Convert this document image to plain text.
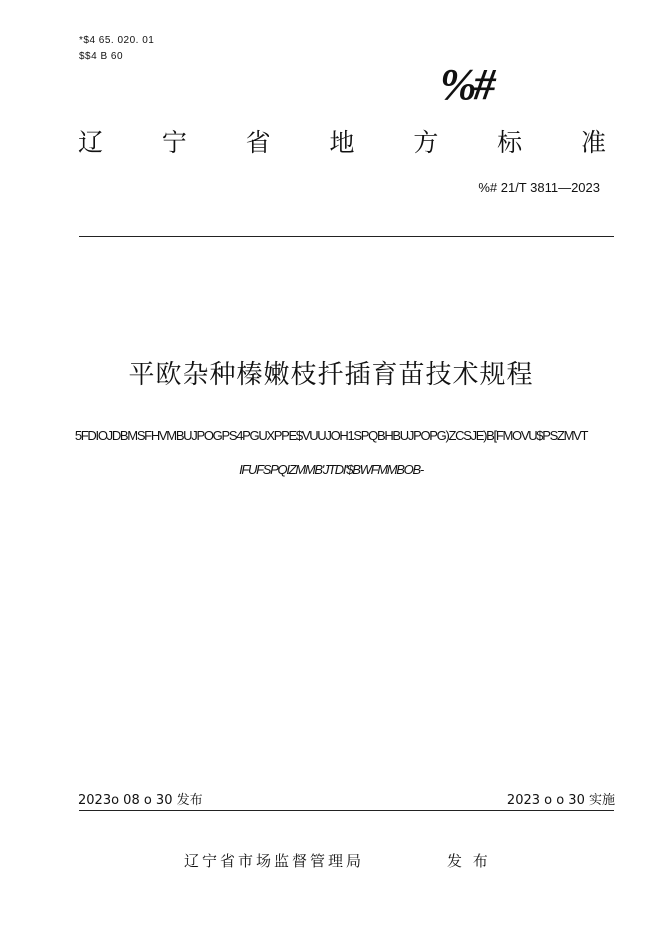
*$4 65. 020. 01
$$4 B 60
%#
辽 宁 省 地 方 标 准
%# 21/T 3811—2023
平欧杂种榛嫩枝扦插育苗技术规程
5FDIOJDBMSFHVMBUJPOGPS4PGUXPPE$VUUJOH1SPQBHBUJPOPG)ZCSJE)B[FMOVU$PSZMVT
IFUFSPQIZMMB'JTDI'$BWFMMBOB-
2023o 08 o 30 发布	2023 o o 30 实施
辽宁省市场监督管理局	发 布
